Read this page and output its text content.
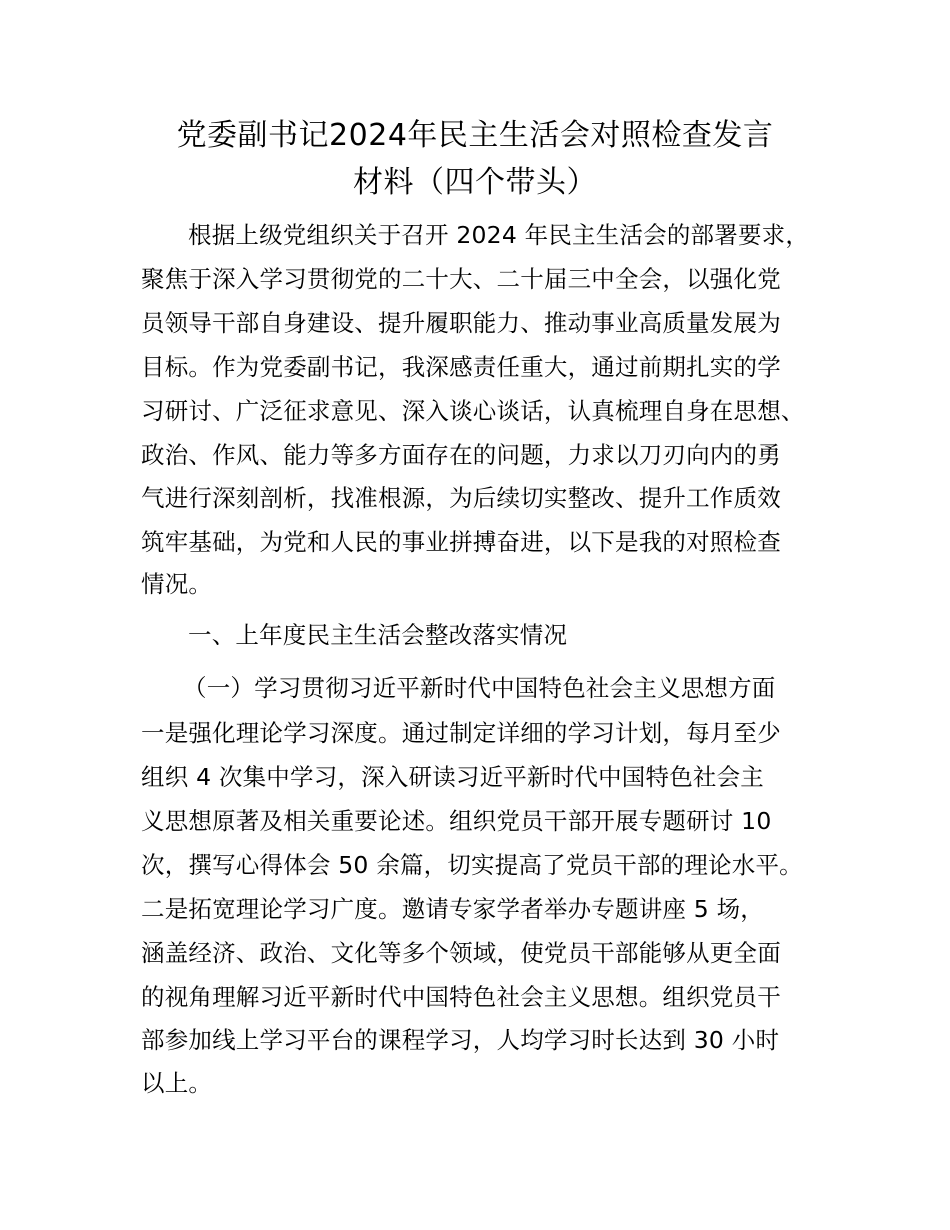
党委副书记2024年民主生活会对照检查发言
材料（四个带头）
根据上级党组织关于召开 2024 年民主生活会的部署要求，
聚焦于深入学习贯彻党的二十大、二十届三中全会，以强化党
员领导干部自身建设、提升履职能力、推动事业高质量发展为
目标。作为党委副书记，我深感责任重大，通过前期扎实的学
习研讨、广泛征求意见、深入谈心谈话，认真梳理自身在思想、
政治、作风、能力等多方面存在的问题，力求以刀刃向内的勇
气进行深刻剖析，找准根源，为后续切实整改、提升工作质效
筑牢基础，为党和人民的事业拼搏奋进，以下是我的对照检查
情况。
一、上年度民主生活会整改落实情况
（一）学习贯彻习近平新时代中国特色社会主义思想方面
一是强化理论学习深度。通过制定详细的学习计划，每月至少
组织 4 次集中学习，深入研读习近平新时代中国特色社会主
义思想原著及相关重要论述。组织党员干部开展专题研讨 10
次，撰写心得体会 50 余篇，切实提高了党员干部的理论水平。
二是拓宽理论学习广度。邀请专家学者举办专题讲座 5 场，
涵盖经济、政治、文化等多个领域，使党员干部能够从更全面
的视角理解习近平新时代中国特色社会主义思想。组织党员干
部参加线上学习平台的课程学习，人均学习时长达到 30 小时
以上。
